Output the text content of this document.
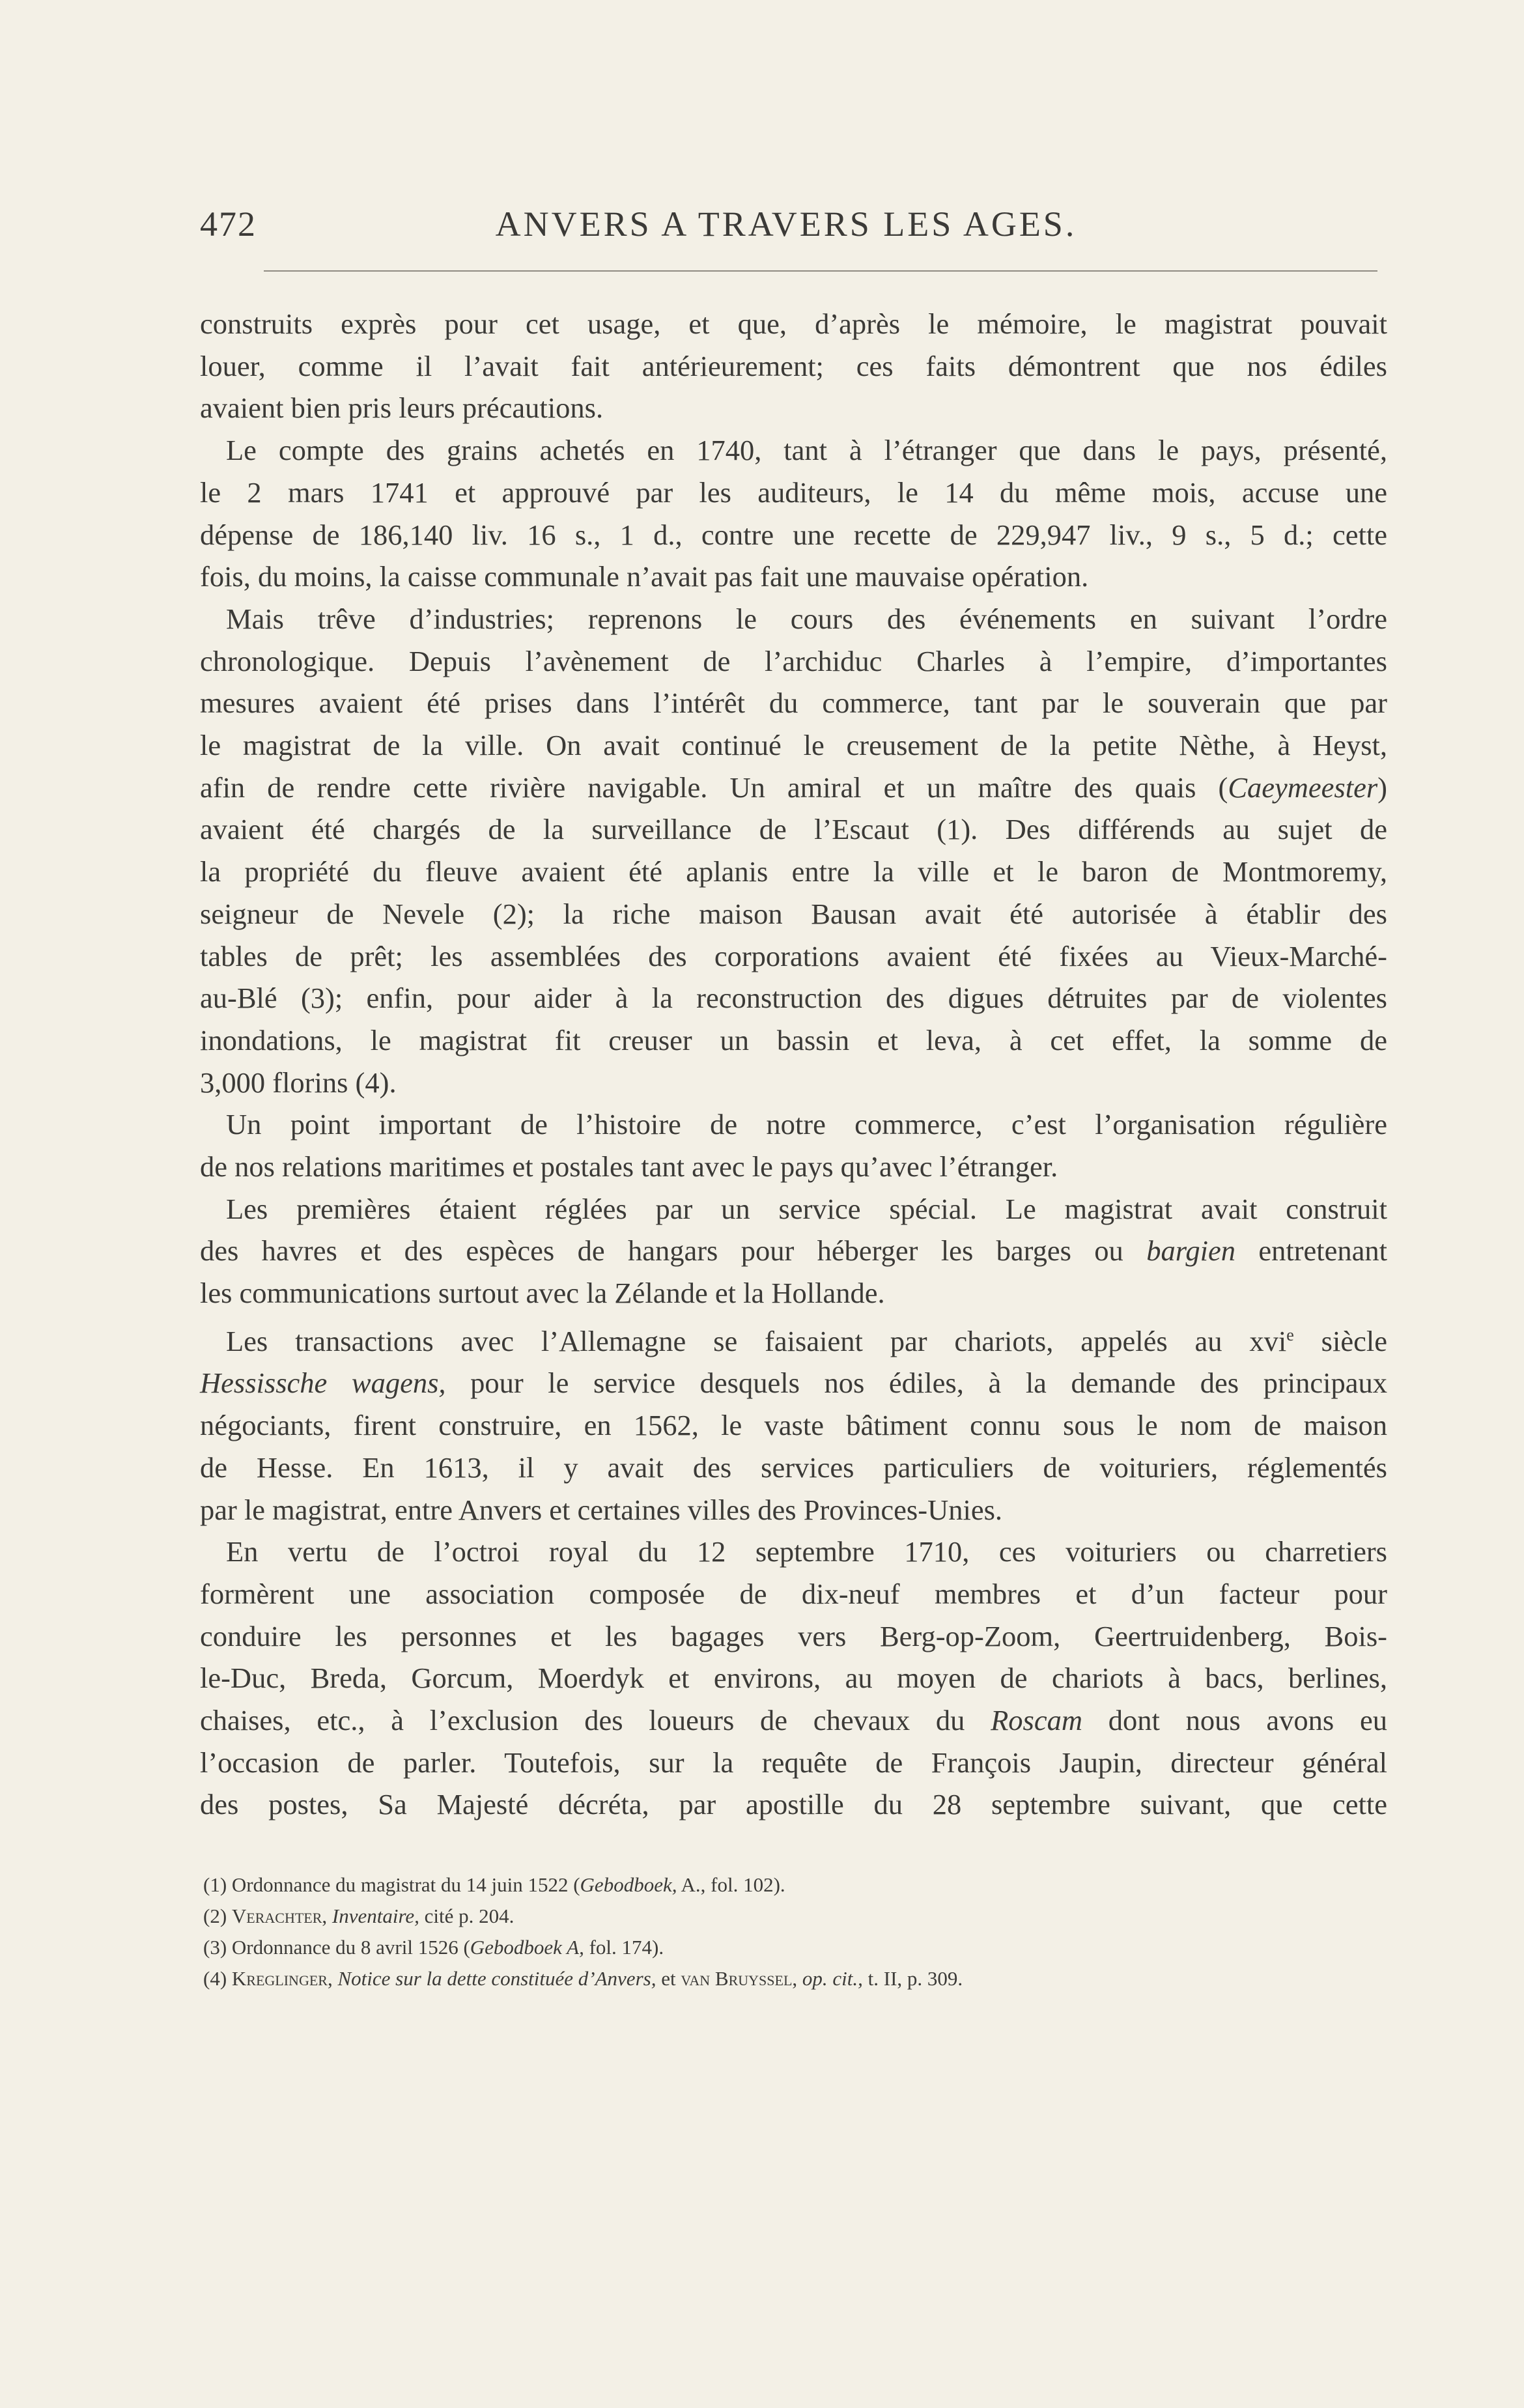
472	ANVERS A TRAVERS LES AGES.

construits exprès pour cet usage, et que, d’après le mémoire, le magistrat pouvait

louer, comme il l’avait fait antérieurement; ces faits démontrent que nos édiles

avaient bien pris leurs précautions.

Le compte des grains achetés en 1740, tant à l’étranger que dans le pays, présenté,

le 2 mars 1741 et approuvé par les auditeurs, le 14 du même mois, accuse une

dépense de 186,140 liv. 16 s., 1 d., contre une recette de 229,947 liv., 9 s., 5 d.; cette

fois, du moins, la caisse communale n’avait pas fait une mauvaise opération.

Mais trêve d’industries; reprenons le cours des événements en suivant l’ordre

chronologique. Depuis l’avènement de l’archiduc Charles à l’empire, d’importantes

mesures avaient été prises dans l’intérêt du commerce, tant par le souverain que par

le magistrat de la ville. On avait continué le creusement de la petite Nèthe, à Heyst,

afin de rendre cette rivière navigable. Un amiral et un maître des quais (Caeymeester)

avaient été chargés de la surveillance de l’Escaut (1). Des différends au sujet de

la propriété du fleuve avaient été aplanis entre la ville et le baron de Montmoremy,

seigneur de Nevele (2); la riche maison Bausan avait été autorisée à établir des

tables de prêt; les assemblées des corporations avaient été fixées au Vieux-Marché-

au-Blé (3); enfin, pour aider à la reconstruction des digues détruites par de violentes

inondations, le magistrat fit creuser un bassin et leva, à cet effet, la somme de

3,000 florins (4).

Un point important de l’histoire de notre commerce, c’est l’organisation régulière

de nos relations maritimes et postales tant avec le pays qu’avec l’étranger.

Les premières étaient réglées par un service spécial. Le magistrat avait construit

des havres et des espèces de hangars pour héberger les barges ou bargien entretenant

les communications surtout avec la Zélande et la Hollande.

Les transactions avec l’Allemagne se faisaient par chariots, appelés au xvi$^e$ siècle

Hessissche wagens, pour le service desquels nos édiles, à la demande des principaux

négociants, firent construire, en 1562, le vaste bâtiment connu sous le nom de maison

de Hesse. En 1613, il y avait des services particuliers de voituriers, réglementés

par le magistrat, entre Anvers et certaines villes des Provinces-Unies.

En vertu de l’octroi royal du 12 septembre 1710, ces voituriers ou charretiers

formèrent une association composée de dix-neuf membres et d’un facteur pour

conduire les personnes et les bagages vers Berg-op-Zoom, Geertruidenberg, Bois-

le-Duc, Breda, Gorcum, Moerdyk et environs, au moyen de chariots à bacs, berlines,

chaises, etc., à l’exclusion des loueurs de chevaux du Roscam dont nous avons eu

l’occasion de parler. Toutefois, sur la requête de François Jaupin, directeur général

des postes, Sa Majesté décréta, par apostille du 28 septembre suivant, que cette

(1) Ordonnance du magistrat du 14 juin 1522 (Gebodboek, A., fol. 102).

(2) Verachter, Inventaire, cité p. 204.

(3) Ordonnance du 8 avril 1526 (Gebodboek A, fol. 174).

(4) Kreglinger, Notice sur la dette constituée d’Anvers, et van Bruyssel, op. cit., t. II, p. 309.
